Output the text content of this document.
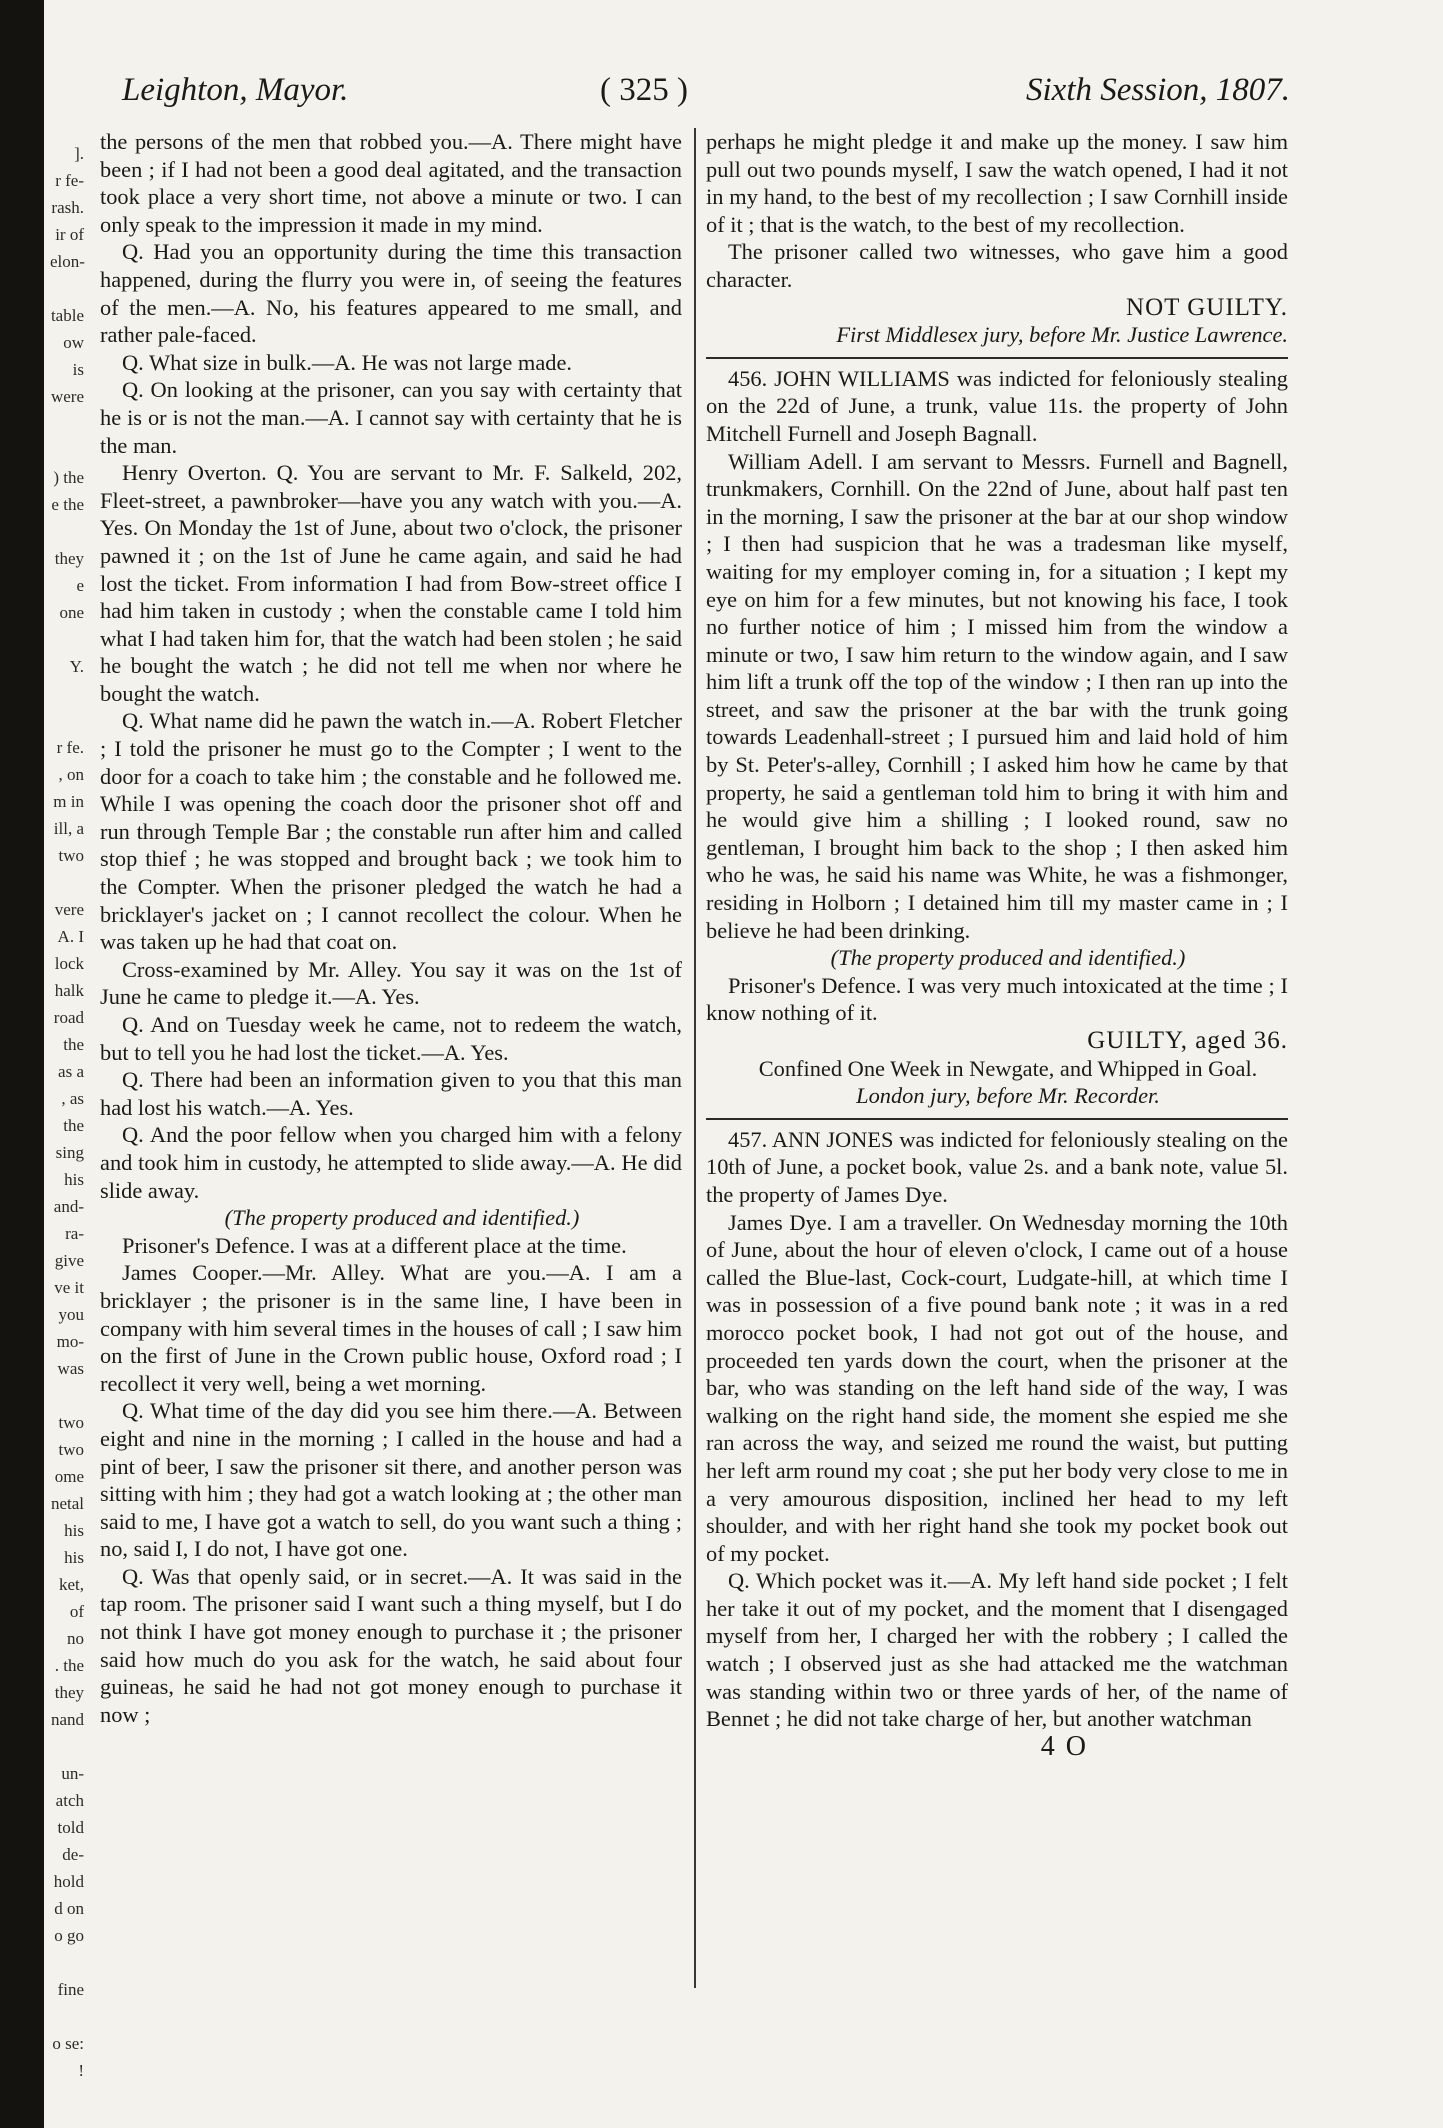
].
r fe-
rash.
ir of
elon-

table
ow is
were

) the
e the

they
e one

Y.

r fe.
, on
m in
ill, a
two

vere
A. I
lock
halk
road
the
as a
, as
the
sing
his
and-
ra-
give
ve it
you
mo-
was

two
two
ome
netal
his
his
ket,
of no
. the
they
nand

un-
atch
told
de-
hold
d on
o go

fine

o se:
!
Leighton, Mayor.	( 325 )	Sixth Session, 1807.

the persons of the men that robbed you.—A. There might have been ; if I had not been a good deal agitated, and the transaction took place a very short time, not above a minute or two. I can only speak to the impression it made in my mind.

Q. Had you an opportunity during the time this transaction happened, during the flurry you were in, of seeing the features of the men.—A. No, his features appeared to me small, and rather pale-faced.

Q. What size in bulk.—A. He was not large made.

Q. On looking at the prisoner, can you say with certainty that he is or is not the man.—A. I cannot say with certainty that he is the man.

Henry Overton. Q. You are servant to Mr. F. Salkeld, 202, Fleet-street, a pawnbroker—have you any watch with you.—A. Yes. On Monday the 1st of June, about two o'clock, the prisoner pawned it ; on the 1st of June he came again, and said he had lost the ticket. From information I had from Bow-street office I had him taken in custody ; when the constable came I told him what I had taken him for, that the watch had been stolen ; he said he bought the watch ; he did not tell me when nor where he bought the watch.

Q. What name did he pawn the watch in.—A. Robert Fletcher ; I told the prisoner he must go to the Compter ; I went to the door for a coach to take him ; the constable and he followed me. While I was opening the coach door the prisoner shot off and run through Temple Bar ; the constable run after him and called stop thief ; he was stopped and brought back ; we took him to the Compter. When the prisoner pledged the watch he had a bricklayer's jacket on ; I cannot recollect the colour. When he was taken up he had that coat on.

Cross-examined by Mr. Alley. You say it was on the 1st of June he came to pledge it.—A. Yes.

Q. And on Tuesday week he came, not to redeem the watch, but to tell you he had lost the ticket.—A. Yes.

Q. There had been an information given to you that this man had lost his watch.—A. Yes.

Q. And the poor fellow when you charged him with a felony and took him in custody, he attempted to slide away.—A. He did slide away.

(The property produced and identified.)

Prisoner's Defence. I was at a different place at the time.

James Cooper.—Mr. Alley. What are you.—A. I am a bricklayer ; the prisoner is in the same line, I have been in company with him several times in the houses of call ; I saw him on the first of June in the Crown public house, Oxford road ; I recollect it very well, being a wet morning.

Q. What time of the day did you see him there.—A. Between eight and nine in the morning ; I called in the house and had a pint of beer, I saw the prisoner sit there, and another person was sitting with him ; they had got a watch looking at ; the other man said to me, I have got a watch to sell, do you want such a thing ; no, said I, I do not, I have got one.

Q. Was that openly said, or in secret.—A. It was said in the tap room. The prisoner said I want such a thing myself, but I do not think I have got money enough to purchase it ; the prisoner said how much do you ask for the watch, he said about four guineas, he said he had not got money enough to purchase it now ;

perhaps he might pledge it and make up the money. I saw him pull out two pounds myself, I saw the watch opened, I had it not in my hand, to the best of my recollection ; I saw Cornhill inside of it ; that is the watch, to the best of my recollection.

The prisoner called two witnesses, who gave him a good character.

NOT GUILTY.

First Middlesex jury, before Mr. Justice Lawrence.

456. JOHN WILLIAMS was indicted for feloniously stealing on the 22d of June, a trunk, value 11s. the property of John Mitchell Furnell and Joseph Bagnall.

William Adell. I am servant to Messrs. Furnell and Bagnell, trunkmakers, Cornhill. On the 22nd of June, about half past ten in the morning, I saw the prisoner at the bar at our shop window ; I then had suspicion that he was a tradesman like myself, waiting for my employer coming in, for a situation ; I kept my eye on him for a few minutes, but not knowing his face, I took no further notice of him ; I missed him from the window a minute or two, I saw him return to the window again, and I saw him lift a trunk off the top of the window ; I then ran up into the street, and saw the prisoner at the bar with the trunk going towards Leadenhall-street ; I pursued him and laid hold of him by St. Peter's-alley, Cornhill ; I asked him how he came by that property, he said a gentleman told him to bring it with him and he would give him a shilling ; I looked round, saw no gentleman, I brought him back to the shop ; I then asked him who he was, he said his name was White, he was a fishmonger, residing in Holborn ; I detained him till my master came in ; I believe he had been drinking.

(The property produced and identified.)

Prisoner's Defence. I was very much intoxicated at the time ; I know nothing of it.

GUILTY, aged 36.

Confined One Week in Newgate, and Whipped in Goal.

London jury, before Mr. Recorder.

457. ANN JONES was indicted for feloniously stealing on the 10th of June, a pocket book, value 2s. and a bank note, value 5l. the property of James Dye.

James Dye. I am a traveller. On Wednesday morning the 10th of June, about the hour of eleven o'clock, I came out of a house called the Blue-last, Cock-court, Ludgate-hill, at which time I was in possession of a five pound bank note ; it was in a red morocco pocket book, I had not got out of the house, and proceeded ten yards down the court, when the prisoner at the bar, who was standing on the left hand side of the way, I was walking on the right hand side, the moment she espied me she ran across the way, and seized me round the waist, but putting her left arm round my coat ; she put her body very close to me in a very amourous disposition, inclined her head to my left shoulder, and with her right hand she took my pocket book out of my pocket.

Q. Which pocket was it.—A. My left hand side pocket ; I felt her take it out of my pocket, and the moment that I disengaged myself from her, I charged her with the robbery ; I called the watch ; I observed just as she had attacked me the watchman was standing within two or three yards of her, of the name of Bennet ; he did not take charge of her, but another watchman

4 O
